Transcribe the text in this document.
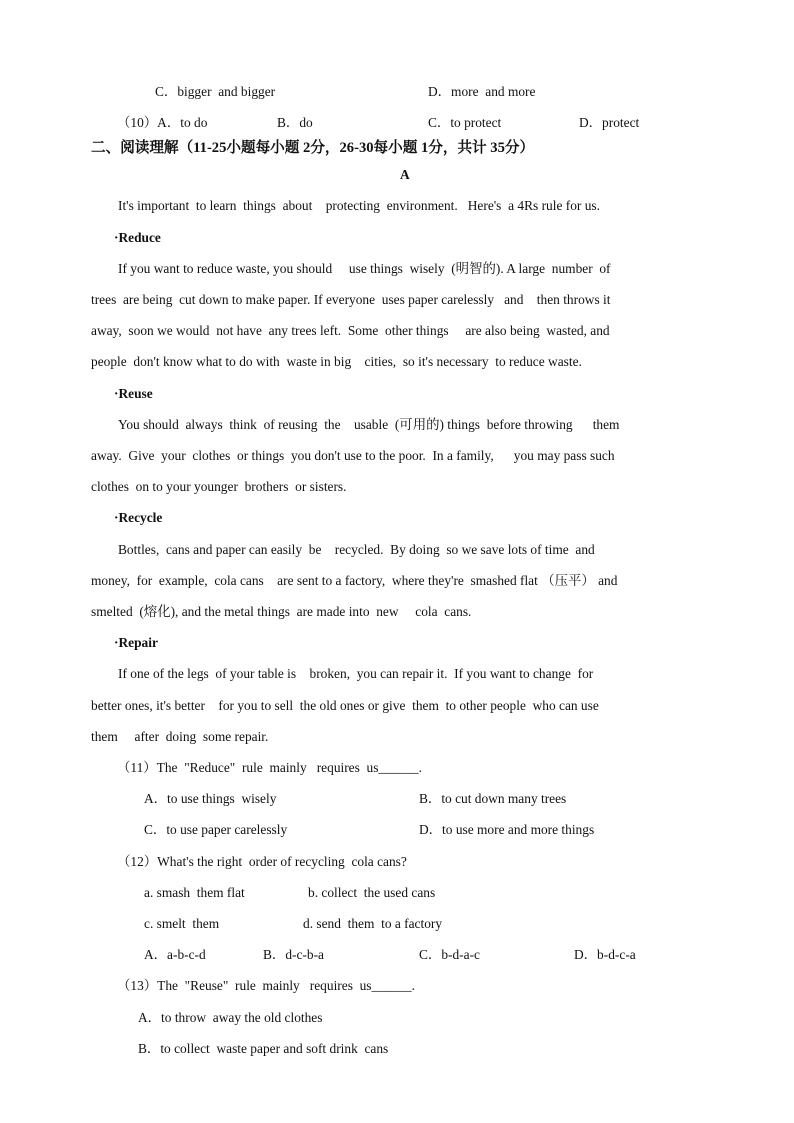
C．bigger  and bigger	D．more  and more
（10）A．to do	B．do	C．to protect	D．protect
二、阅读理解（11-25小题每小题 2分，26-30每小题 1分，共计 35分）
A
It's important  to learn  things  about    protecting  environment.   Here's  a 4Rs rule for us.
·Reduce
If you want to reduce waste, you should     use things  wisely  (明智的). A large  number  of
trees  are being  cut down to make paper. If everyone  uses paper carelessly   and    then throws it
away,  soon we would  not have  any trees left.  Some  other things     are also being  wasted, and
people  don't know what to do with  waste in big    cities,  so it's necessary  to reduce waste.
·Reuse
You should  always  think  of reusing  the    usable  (可用的) things  before throwing      them
away.  Give  your  clothes  or things  you don't use to the poor.  In a family,      you may pass such
clothes  on to your younger  brothers  or sisters.
·Recycle
Bottles,  cans and paper can easily  be    recycled.  By doing  so we save lots of time  and
money,  for  example,  cola cans    are sent to a factory,  where they're  smashed flat （压平） and
smelted  (熔化), and the metal things  are made into  new     cola  cans.
·Repair
If one of the legs  of your table is    broken,  you can repair it.  If you want to change  for
better ones, it's better    for you to sell  the old ones or give  them  to other people  who can use
them     after  doing  some repair.
（11）The  "Reduce"  rule  mainly   requires  us______.
A．to use things  wisely	B．to cut down many trees
C．to use paper carelessly	D．to use more and more things
（12）What's the right  order of recycling  cola cans?
a. smash  them flat	b. collect  the used cans
c. smelt  them	d. send  them  to a factory
A．a-b-c-d	B．d-c-b-a	C．b-d-a-c	D．b-d-c-a
（13）The  "Reuse"  rule  mainly   requires  us______.
A．to throw  away the old clothes
B．to collect  waste paper and soft drink  cans
